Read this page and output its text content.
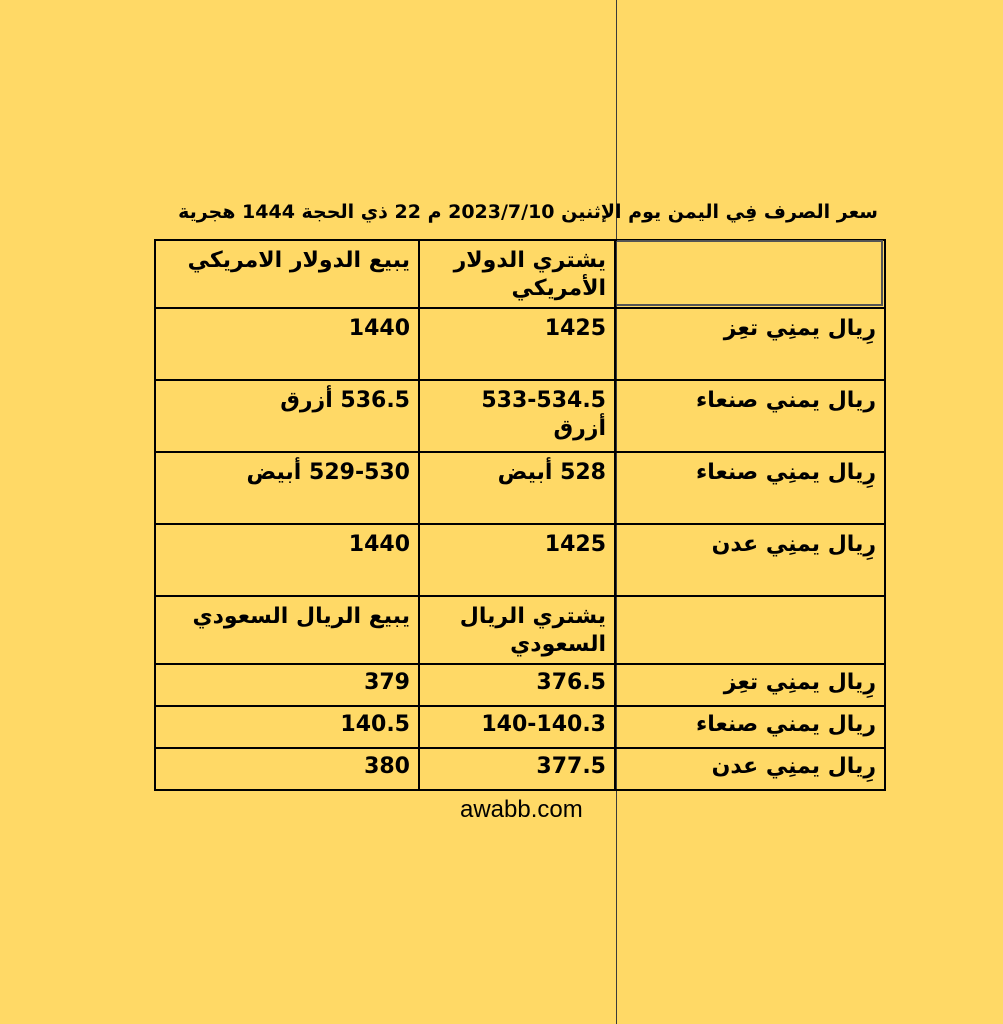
سعر الصرف فِي اليمن يوم الإثنين 2023/7/10 م 22 ذي الحجة 1444 هجرية
	يشتري الدولار الأمريكي	يبيع الدولار الامريكي
رِيال يمنِي تعِز	1425	1440
ريال يمني صنعاء	533-534.5 أزرق	536.5 أزرق
رِيال يمنِي صنعاء	528 أبيض	529-530 أبيض
رِيال يمنِي عدن	1425	1440
	يشتري الريال السعودي	يبيع الريال السعودي
رِيال يمنِي تعِز	376.5	379
ريال يمني صنعاء	140-140.3	140.5
رِيال يمنِي عدن	377.5	380
awabb.com
